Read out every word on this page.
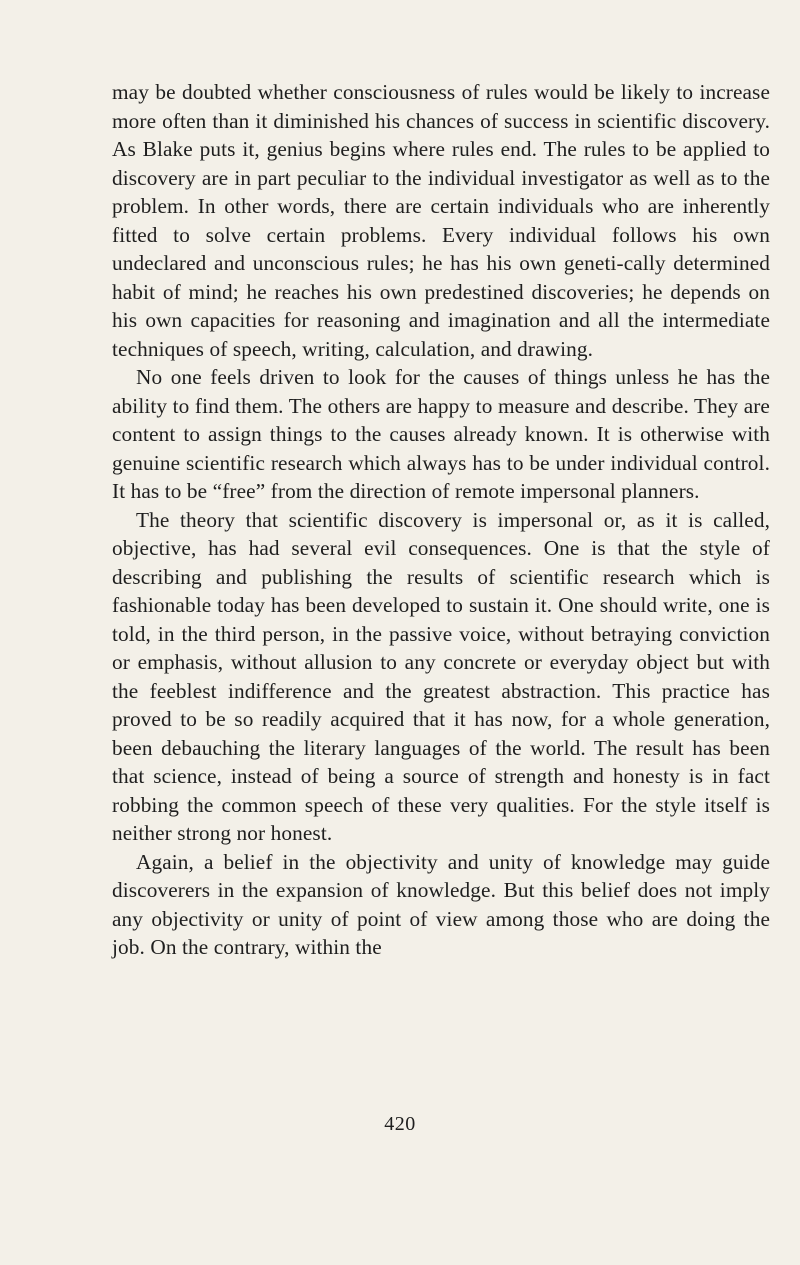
may be doubted whether consciousness of rules would be likely to increase more often than it diminished his chances of success in scientific discovery. As Blake puts it, genius begins where rules end. The rules to be applied to discovery are in part peculiar to the individual investigator as well as to the problem. In other words, there are certain individuals who are inherently fitted to solve certain problems. Every individual follows his own undeclared and unconscious rules; he has his own geneti-cally determined habit of mind; he reaches his own predestined discoveries; he depends on his own capacities for reasoning and imagination and all the intermediate techniques of speech, writing, calculation, and drawing.

No one feels driven to look for the causes of things unless he has the ability to find them. The others are happy to measure and describe. They are content to assign things to the causes already known. It is otherwise with genuine scientific research which always has to be under individual control. It has to be “free” from the direction of remote impersonal planners.

The theory that scientific discovery is impersonal or, as it is called, objective, has had several evil consequences. One is that the style of describing and publishing the results of scientific research which is fashionable today has been developed to sustain it. One should write, one is told, in the third person, in the passive voice, without betraying conviction or emphasis, without allusion to any concrete or everyday object but with the feeblest indifference and the greatest abstraction. This practice has proved to be so readily acquired that it has now, for a whole generation, been debauching the literary languages of the world. The result has been that science, instead of being a source of strength and honesty is in fact robbing the common speech of these very qualities. For the style itself is neither strong nor honest.

Again, a belief in the objectivity and unity of knowledge may guide discoverers in the expansion of knowledge. But this belief does not imply any objectivity or unity of point of view among those who are doing the job. On the contrary, within the

420
